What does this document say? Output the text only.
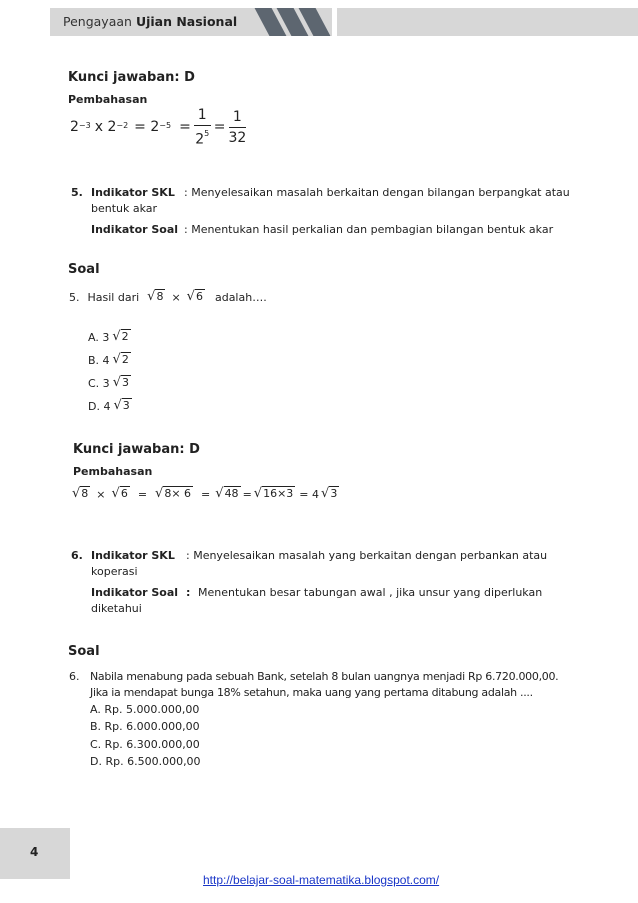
Pengayaan Ujian Nasional
Kunci jawaban: D
Pembahasan
$2^{-3}$ x $2^{-2} = 2^{-5} = \frac{1}{2^5} = \frac{1}{32}$
5. Indikator SKL : Menyelesaikan masalah berkaitan dengan bilangan berpangkat atau
bentuk akar
Indikator Soal : Menentukan hasil perkalian dan pembagian bilangan bentuk akar
Soal
5. Hasil dari √ 8 × √ 6 adalah….
A. 3 √ 2
B. 4 √ 2
C. 3 √ 3
D. 4 √ 3
Kunci jawaban: D
Pembahasan
√ 8 × √ 6 = √ 8× 6 = √ 48 = √ 16×3 = 4 √ 3
6. Indikator SKL : Menyelesaikan masalah yang berkaitan dengan perbankan atau
koperasi
Indikator Soal : Menentukan besar tabungan awal , jika unsur yang diperlukan
diketahui
Soal
6. Nabila menabung pada sebuah Bank, setelah 8 bulan uangnya menjadi Rp 6.720.000,00.
Jika ia mendapat bunga 18% setahun, maka uang yang pertama ditabung adalah ....
A. Rp. 5.000.000,00
B. Rp. 6.000.000,00
C. Rp. 6.300.000,00
D. Rp. 6.500.000,00
4
http://belajar-soal-matematika.blogspot.com/
